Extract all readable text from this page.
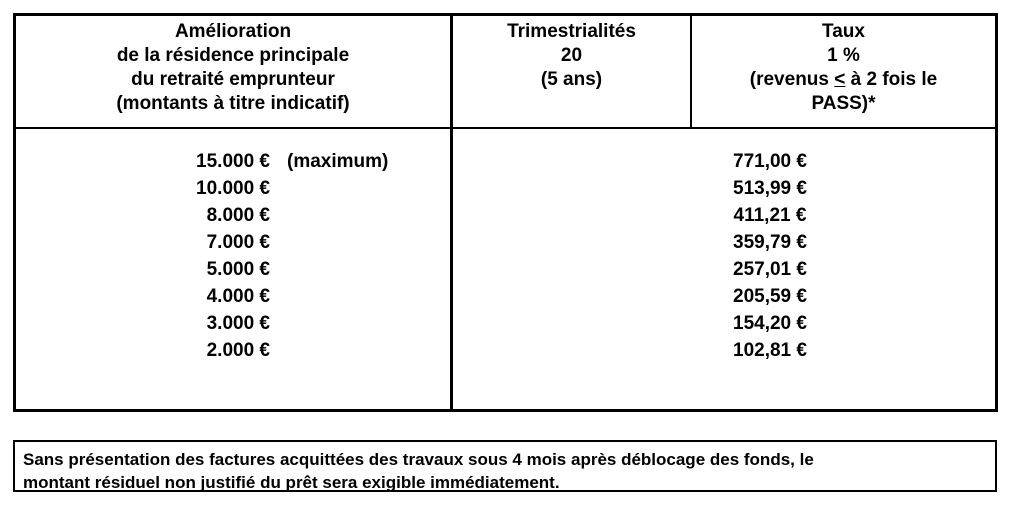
Amélioration
de la résidence principale
du retraité emprunteur
(montants à titre indicatif)
Trimestrialités
20
(5 ans)
Taux
1 %
(revenus ≤ à 2 fois le
PASS)*
15.000 € (maximum)
10.000 €
8.000 €
7.000 €
5.000 €
4.000 €
3.000 €
2.000 €
771,00 €
513,99 €
411,21 €
359,79 €
257,01 €
205,59 €
154,20 €
102,81 €
Sans présentation des factures acquittées des travaux sous 4 mois après déblocage des fonds, le
montant résiduel non justifié du prêt sera exigible immédiatement.
